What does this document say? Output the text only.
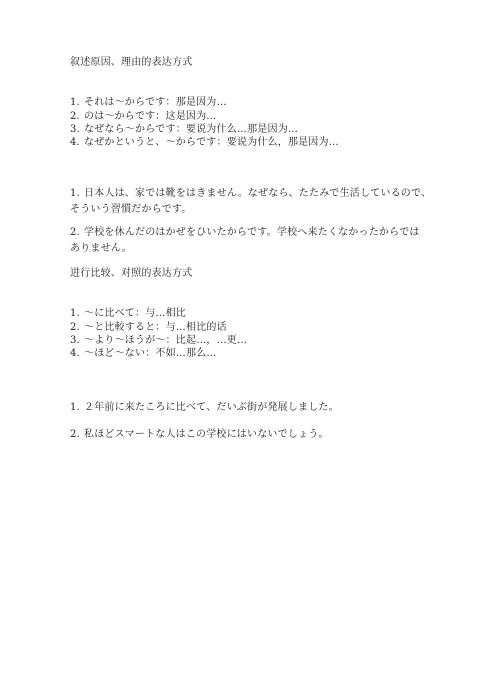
叙述原因、理由的表达方式
1. それは～からです：那是因为…
2. のは～からです：这是因为…
3. なぜなら～からです：要说为什么…那是因为…
4. なぜかというと、～からです：要说为什么，那是因为…
1. 日本人は、家では靴をはきません。なぜなら、たたみで生活しているので、
そういう習慣だからです。
2. 学校を休んだのはかぜをひいたからです。学校へ来たくなかったからでは
ありません。
进行比较、对照的表达方式
1. ～に比べて：与…相比
2. ～と比較すると：与…相比的话
3. ～より～ほうが～：比起…，…更…
4. ～ほど～ない：不如…那么…
1. ２年前に来たころに比べて、だいぶ街が発展しました。
2. 私ほどスマートな人はこの学校にはいないでしょう。
